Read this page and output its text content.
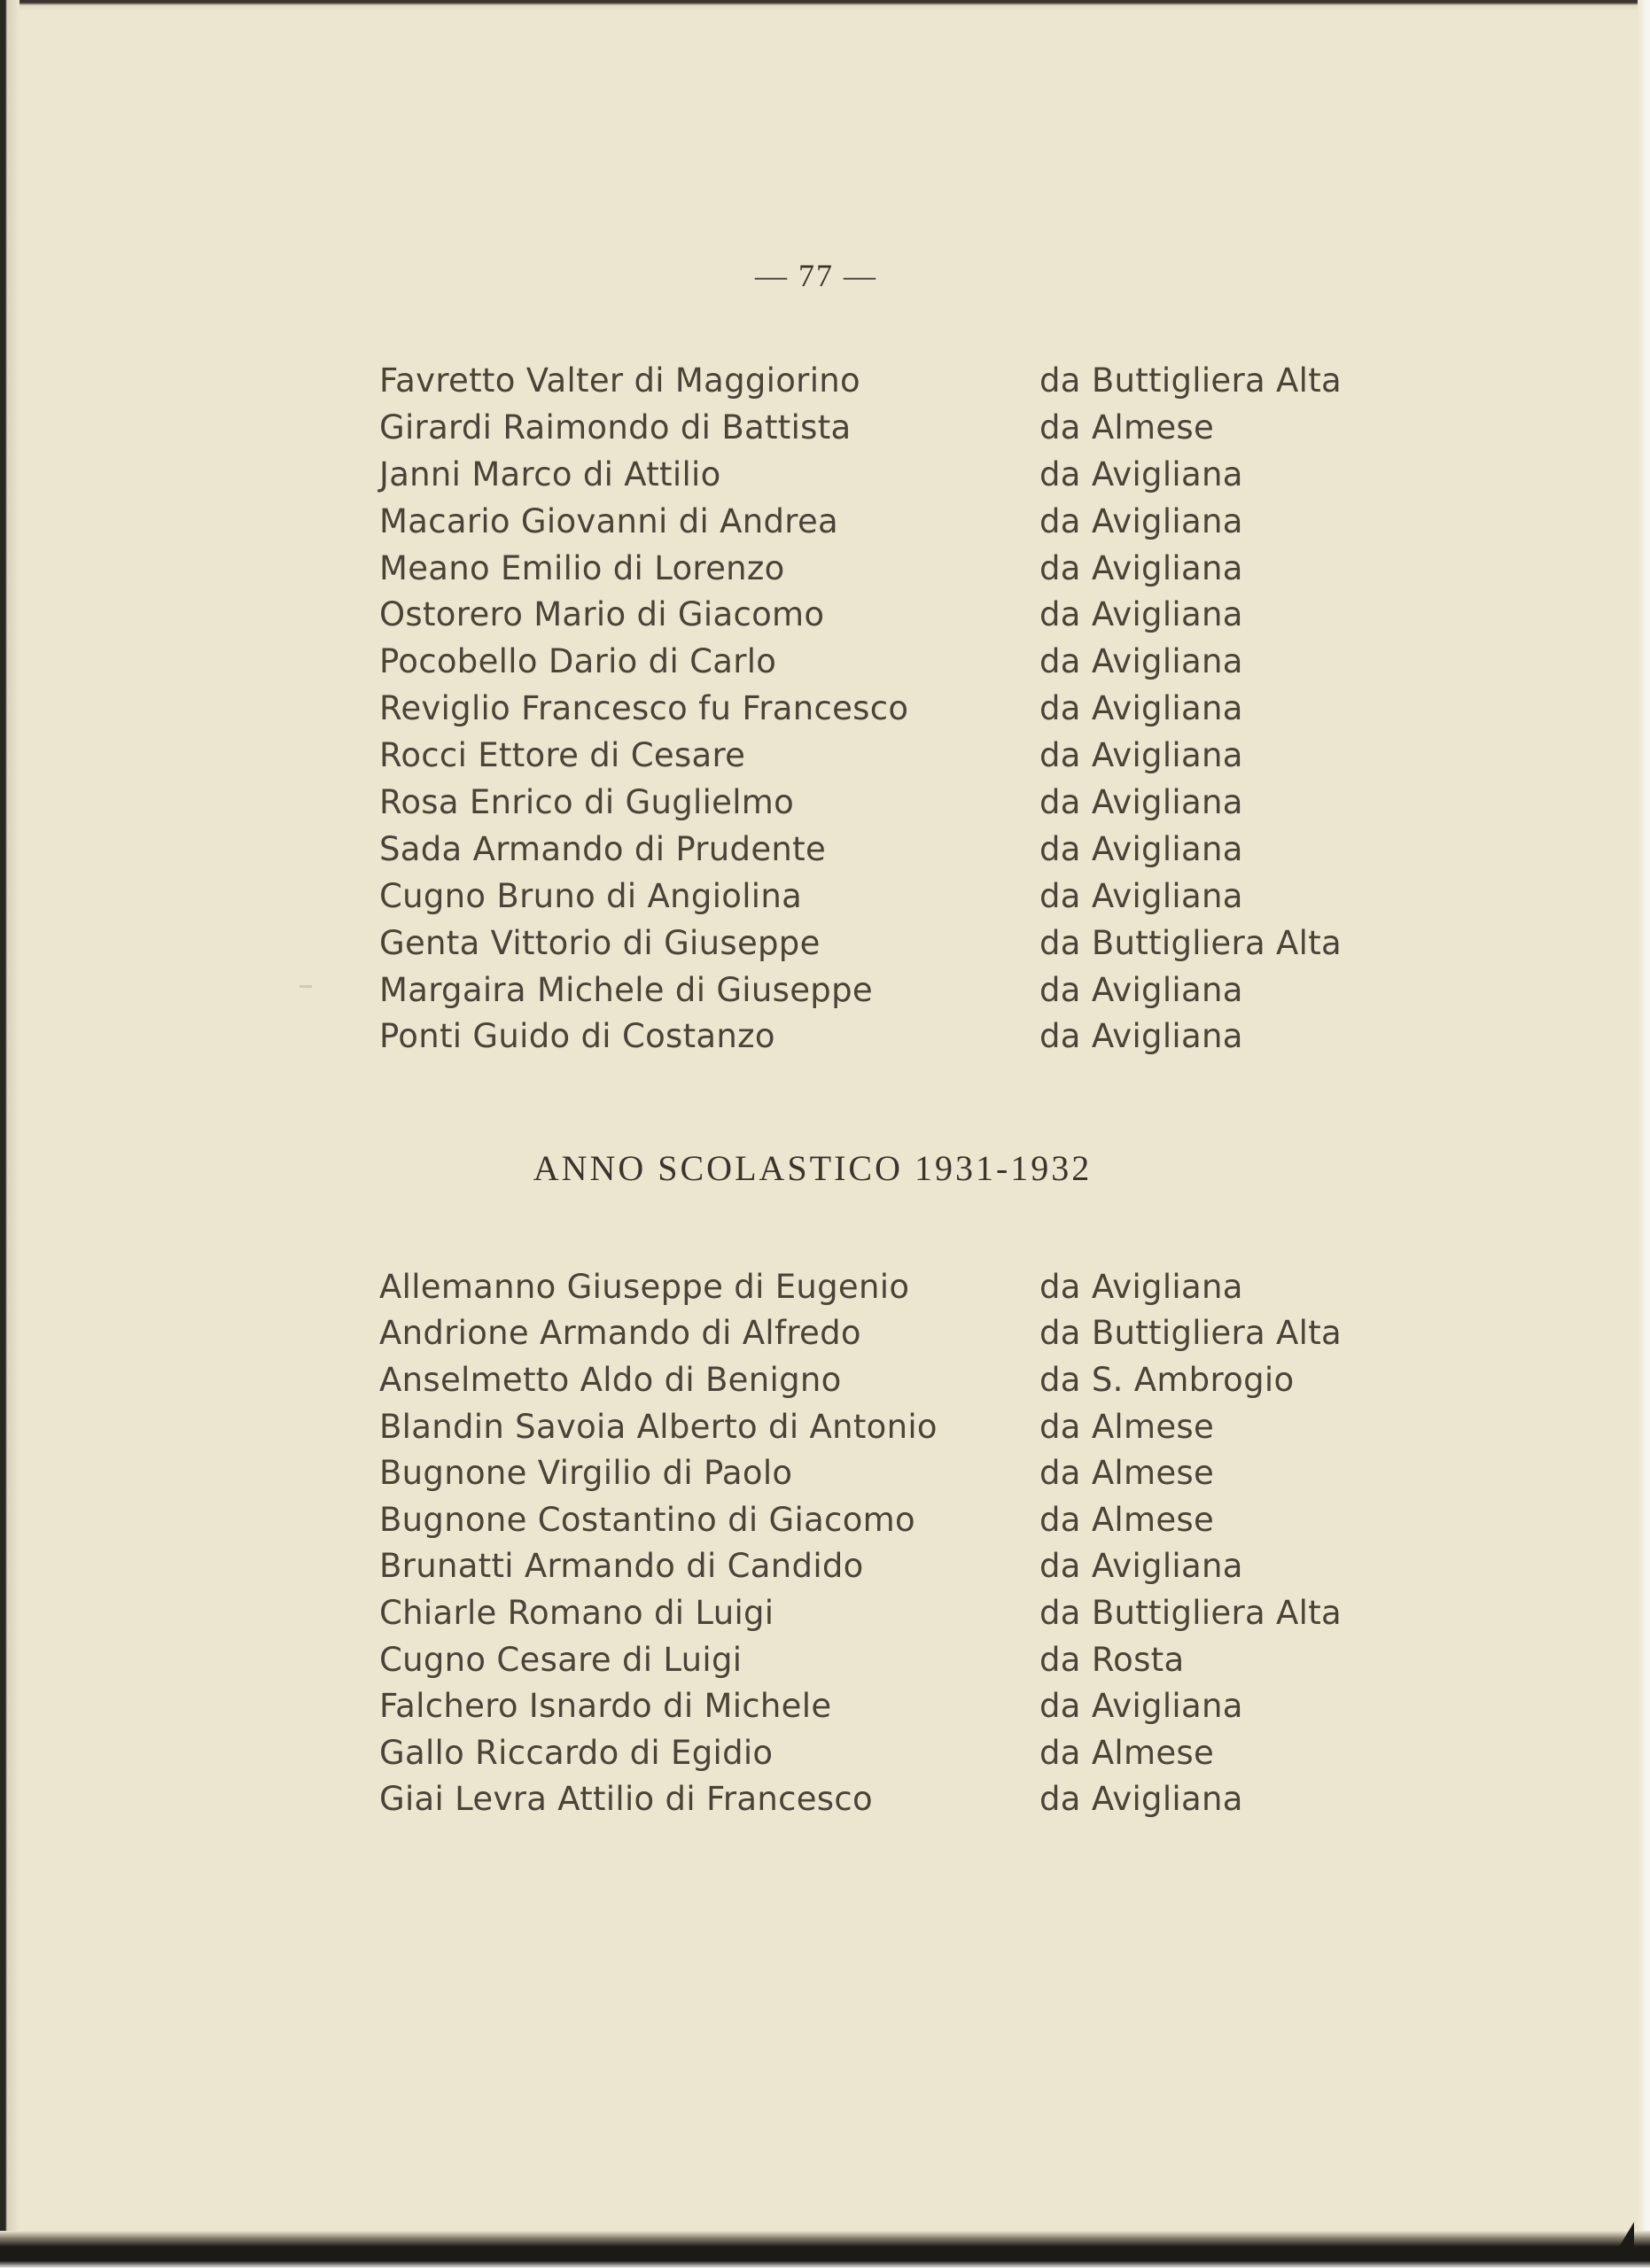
— 77 —
Favretto Valter di Maggiorino	da Buttigliera Alta
Girardi Raimondo di Battista	da Almese
Janni Marco di Attilio	da Avigliana
Macario Giovanni di Andrea	da Avigliana
Meano Emilio di Lorenzo	da Avigliana
Ostorero Mario di Giacomo	da Avigliana
Pocobello Dario di Carlo	da Avigliana
Reviglio Francesco fu Francesco	da Avigliana
Rocci Ettore di Cesare	da Avigliana
Rosa Enrico di Guglielmo	da Avigliana
Sada Armando di Prudente	da Avigliana
Cugno Bruno di Angiolina	da Avigliana
Genta Vittorio di Giuseppe	da Buttigliera Alta
Margaira Michele di Giuseppe	da Avigliana
Ponti Guido di Costanzo	da Avigliana
ANNO SCOLASTICO 1931-1932
Allemanno Giuseppe di Eugenio	da Avigliana
Andrione Armando di Alfredo	da Buttigliera Alta
Anselmetto Aldo di Benigno	da S. Ambrogio
Blandin Savoia Alberto di Antonio	da Almese
Bugnone Virgilio di Paolo	da Almese
Bugnone Costantino di Giacomo	da Almese
Brunatti Armando di Candido	da Avigliana
Chiarle Romano di Luigi	da Buttigliera Alta
Cugno Cesare di Luigi	da Rosta
Falchero Isnardo di Michele	da Avigliana
Gallo Riccardo di Egidio	da Almese
Giai Levra Attilio di Francesco	da Avigliana
